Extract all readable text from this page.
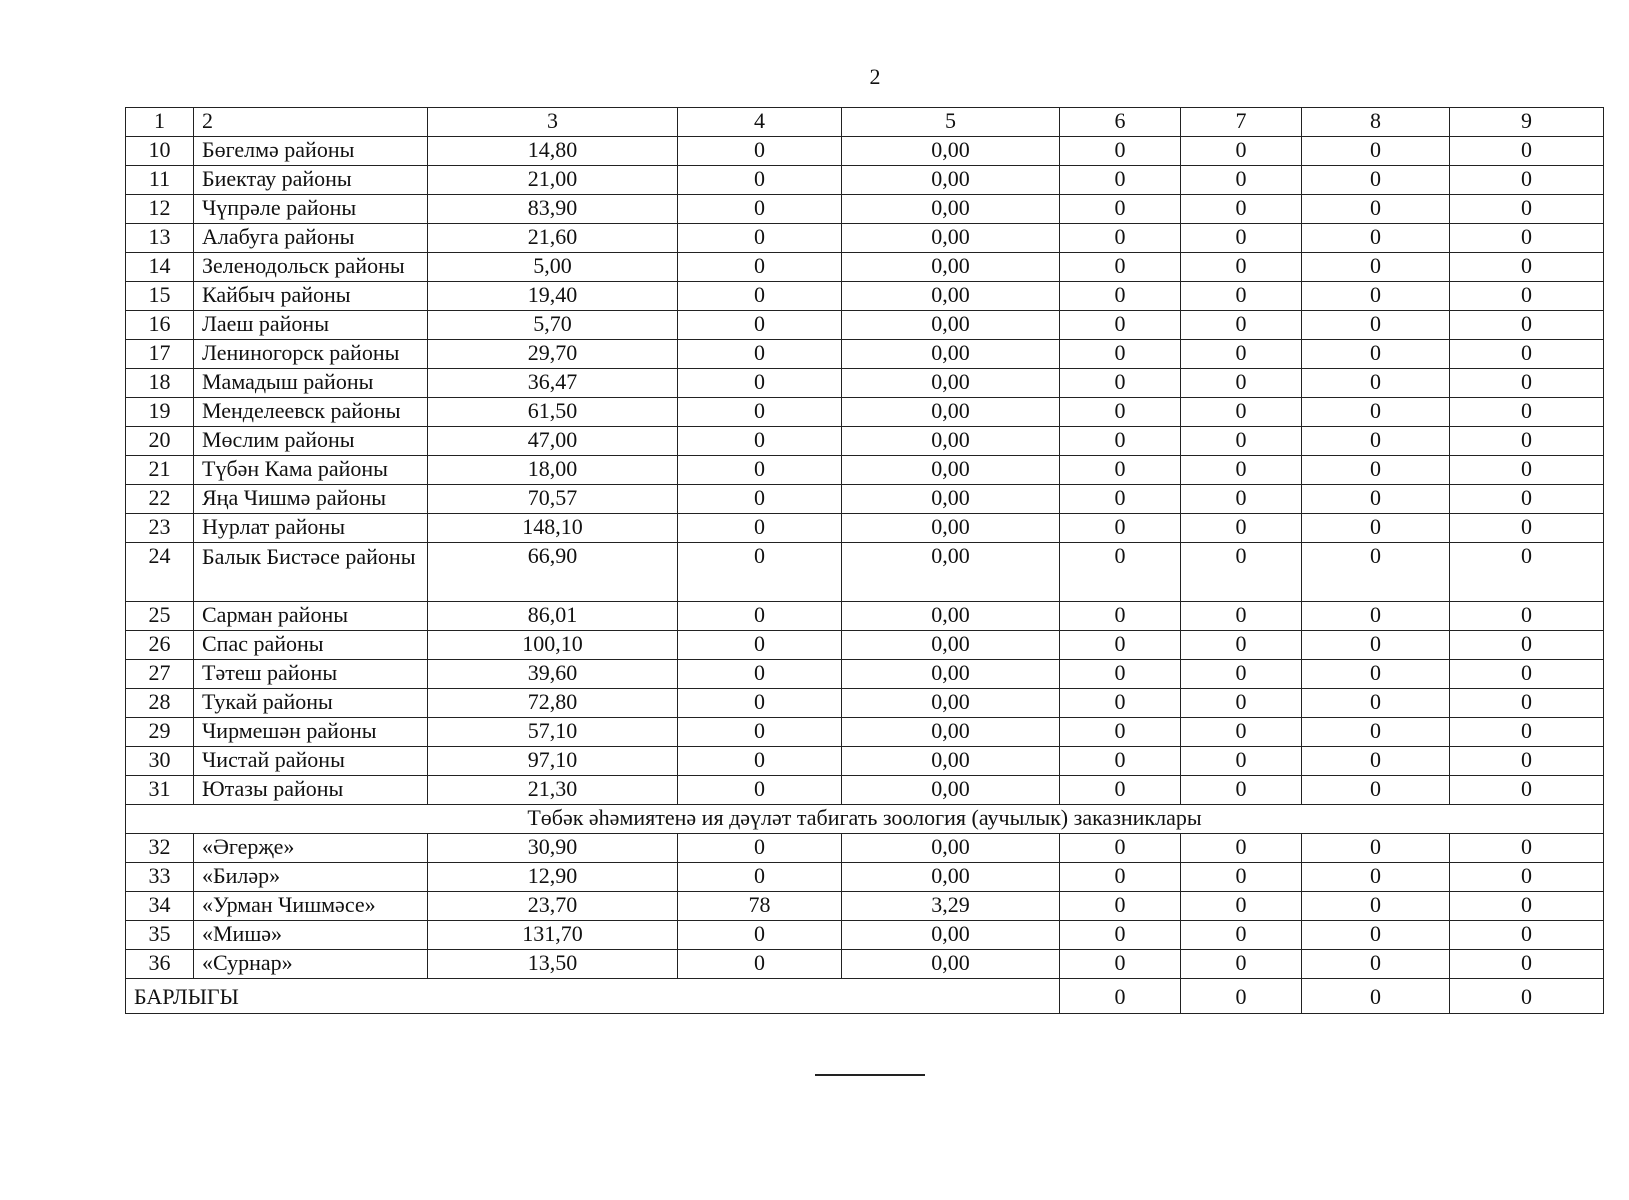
2
1	2	3	4	5	6	7	8	9
10	Бөгелмә районы	14,80	0	0,00	0	0	0	0
11	Биектау районы	21,00	0	0,00	0	0	0	0
12	Чүпрәле районы	83,90	0	0,00	0	0	0	0
13	Алабуга районы	21,60	0	0,00	0	0	0	0
14	Зеленодольск районы	5,00	0	0,00	0	0	0	0
15	Кайбыч районы	19,40	0	0,00	0	0	0	0
16	Лаеш районы	5,70	0	0,00	0	0	0	0
17	Лениногорск районы	29,70	0	0,00	0	0	0	0
18	Мамадыш районы	36,47	0	0,00	0	0	0	0
19	Менделеевск районы	61,50	0	0,00	0	0	0	0
20	Мөслим районы	47,00	0	0,00	0	0	0	0
21	Түбән Кама районы	18,00	0	0,00	0	0	0	0
22	Яңа Чишмә районы	70,57	0	0,00	0	0	0	0
23	Нурлат районы	148,10	0	0,00	0	0	0	0
24	Балык Бистәсе районы	66,90	0	0,00	0	0	0	0
25	Сарман районы	86,01	0	0,00	0	0	0	0
26	Спас районы	100,10	0	0,00	0	0	0	0
27	Тәтеш районы	39,60	0	0,00	0	0	0	0
28	Тукай районы	72,80	0	0,00	0	0	0	0
29	Чирмешән районы	57,10	0	0,00	0	0	0	0
30	Чистай районы	97,10	0	0,00	0	0	0	0
31	Ютазы районы	21,30	0	0,00	0	0	0	0
Төбәк әһәмиятенә ия дәүләт табигать зоология (аучылык) заказниклары								
32	«Әгерҗе»	30,90	0	0,00	0	0	0	0
33	«Биләр»	12,90	0	0,00	0	0	0	0
34	«Урман Чишмәсе»	23,70	78	3,29	0	0	0	0
35	«Мишә»	131,70	0	0,00	0	0	0	0
36	«Сурнар»	13,50	0	0,00	0	0	0	0
БАРЛЫГЫ					0	0	0	0
